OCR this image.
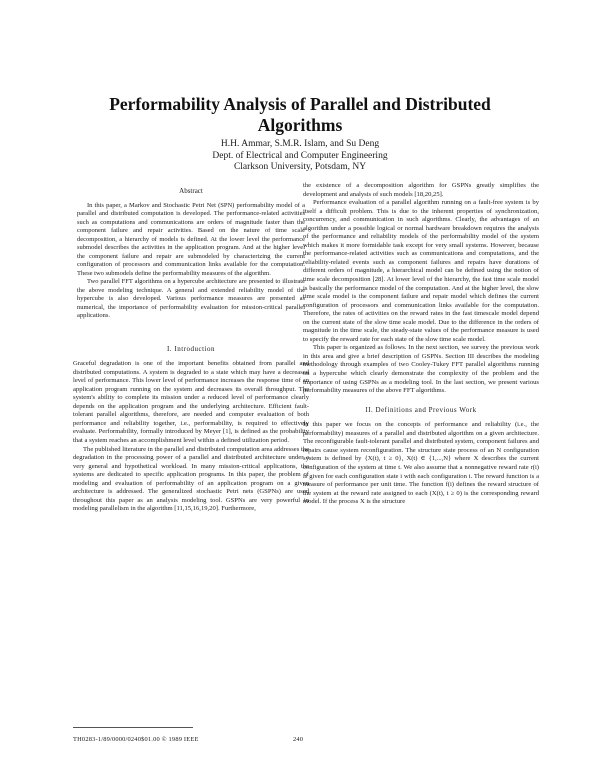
Performability Analysis of Parallel and Distributed
Algorithms
H.H. Ammar, S.M.R. Islam, and Su Deng
Dept. of Electrical and Computer Engineering
Clarkson University, Potsdam, NY
Abstract

In this paper, a Markov and Stochastic Petri Net (SPN) performability model of a parallel and distributed computation is developed. The performance-related activities such as computations and communications are orders of magnitude faster than the component failure and repair activities. Based on the nature of time scale decomposition, a hierarchy of models is defined. At the lower level the performance submodel describes the activities in the application program. And at the higher level the component failure and repair are submodeled by characterizing the current configuration of processors and communication links available for the computation. These two submodels define the performability measures of the algorithm.

Two parallel FFT algorithms on a hypercube architecture are presented to illustrate the above modeling technique. A general and extended reliability model of the hypercube is also developed. Various performance measures are presented as numerical, the importance of performability evaluation for mission-critical parallel applications.

I. Introduction

Graceful degradation is one of the important benefits obtained from parallel and distributed computations. A system is degraded to a state which may have a decreased level of performance. This lower level of performance increases the response time of an application program running on the system and decreases its overall throughput. The system's ability to complete its mission under a reduced level of performance clearly depends on the application program and the underlying architecture. Efficient fault-tolerant parallel algorithms, therefore, are needed and computer evaluation of both performance and reliability together, i.e., performability, is required to effectively evaluate. Performability, formally introduced by Meyer [1], is defined as the probability that a system reaches an accomplishment level within a defined utilization period.

The published literature in the parallel and distributed computation area addresses the degradation in the processing power of a parallel and distributed architecture under a very general and hypothetical workload. In many mission-critical applications, the systems are dedicated to specific application programs. In this paper, the problem of modeling and evaluation of performability of an application program on a given architecture is addressed. The generalized stochastic Petri nets (GSPNs) are used throughout this paper as an analysis modeling tool. GSPNs are very powerful in modeling parallelism in the algorithm [11,15,16,19,20]. Furthermore,

the existence of a decomposition algorithm for GSPNs greatly simplifies the development and analysis of such models [18,20,25].

Performance evaluation of a parallel algorithm running on a fault-free system is by itself a difficult problem. This is due to the inherent properties of synchronization, concurrency, and communication in such algorithms. Clearly, the advantages of an algorithm under a possible logical or normal hardware breakdown requires the analysis of the performance and reliability models of the performability model of the system which makes it more formidable task except for very small systems. However, because the performance-related activities such as communications and computations, and the reliability-related events such as component failures and repairs have durations of different orders of magnitude, a hierarchical model can be defined using the notion of time scale decomposition [28]. At lower level of the hierarchy, the fast time scale model is basically the performance model of the computation. And at the higher level, the slow time scale model is the component failure and repair model which defines the current configuration of processors and communication links available for the computation. Therefore, the rates of activities on the reward rates in the fast timescale model depend on the current state of the slow time scale model. Due to the difference in the orders of magnitude in the time scale, the steady-state values of the performance measure is used to specify the reward rate for each state of the slow time scale model.

This paper is organized as follows. In the next section, we survey the previous work in this area and give a brief description of GSPNs. Section III describes the modeling methodology through examples of two Cooley-Tukey FFT parallel algorithms running on a hypercube which clearly demonstrate the complexity of the problem and the importance of using GSPNs as a modeling tool. In the last section, we present various performability measures of the above FFT algorithms.

II. Definitions and Previous Work

In this paper we focus on the concepts of performance and reliability (i.e., the performability) measures of a parallel and distributed algorithm on a given architecture. The reconfigurable fault-tolerant parallel and distributed system, component failures and repairs cause system reconfiguration. The structure state process of an N configuration system is defined by {X(t), t ≥ 0}, X(t) ∈ {1,...,N} where X describes the current configuration of the system at time t. We also assume that a nonnegative reward rate r(i) is given for each configuration state i with each configuration i. The reward function is a measure of performance per unit time. The function f(i) defines the reward structure of the system at the reward rate assigned to each (X(t), t ≥ 0) is the corresponding reward model. If the process X is the structure

TH0283-1/89/0000/0240$01.00 © 1989 IEEE	240
